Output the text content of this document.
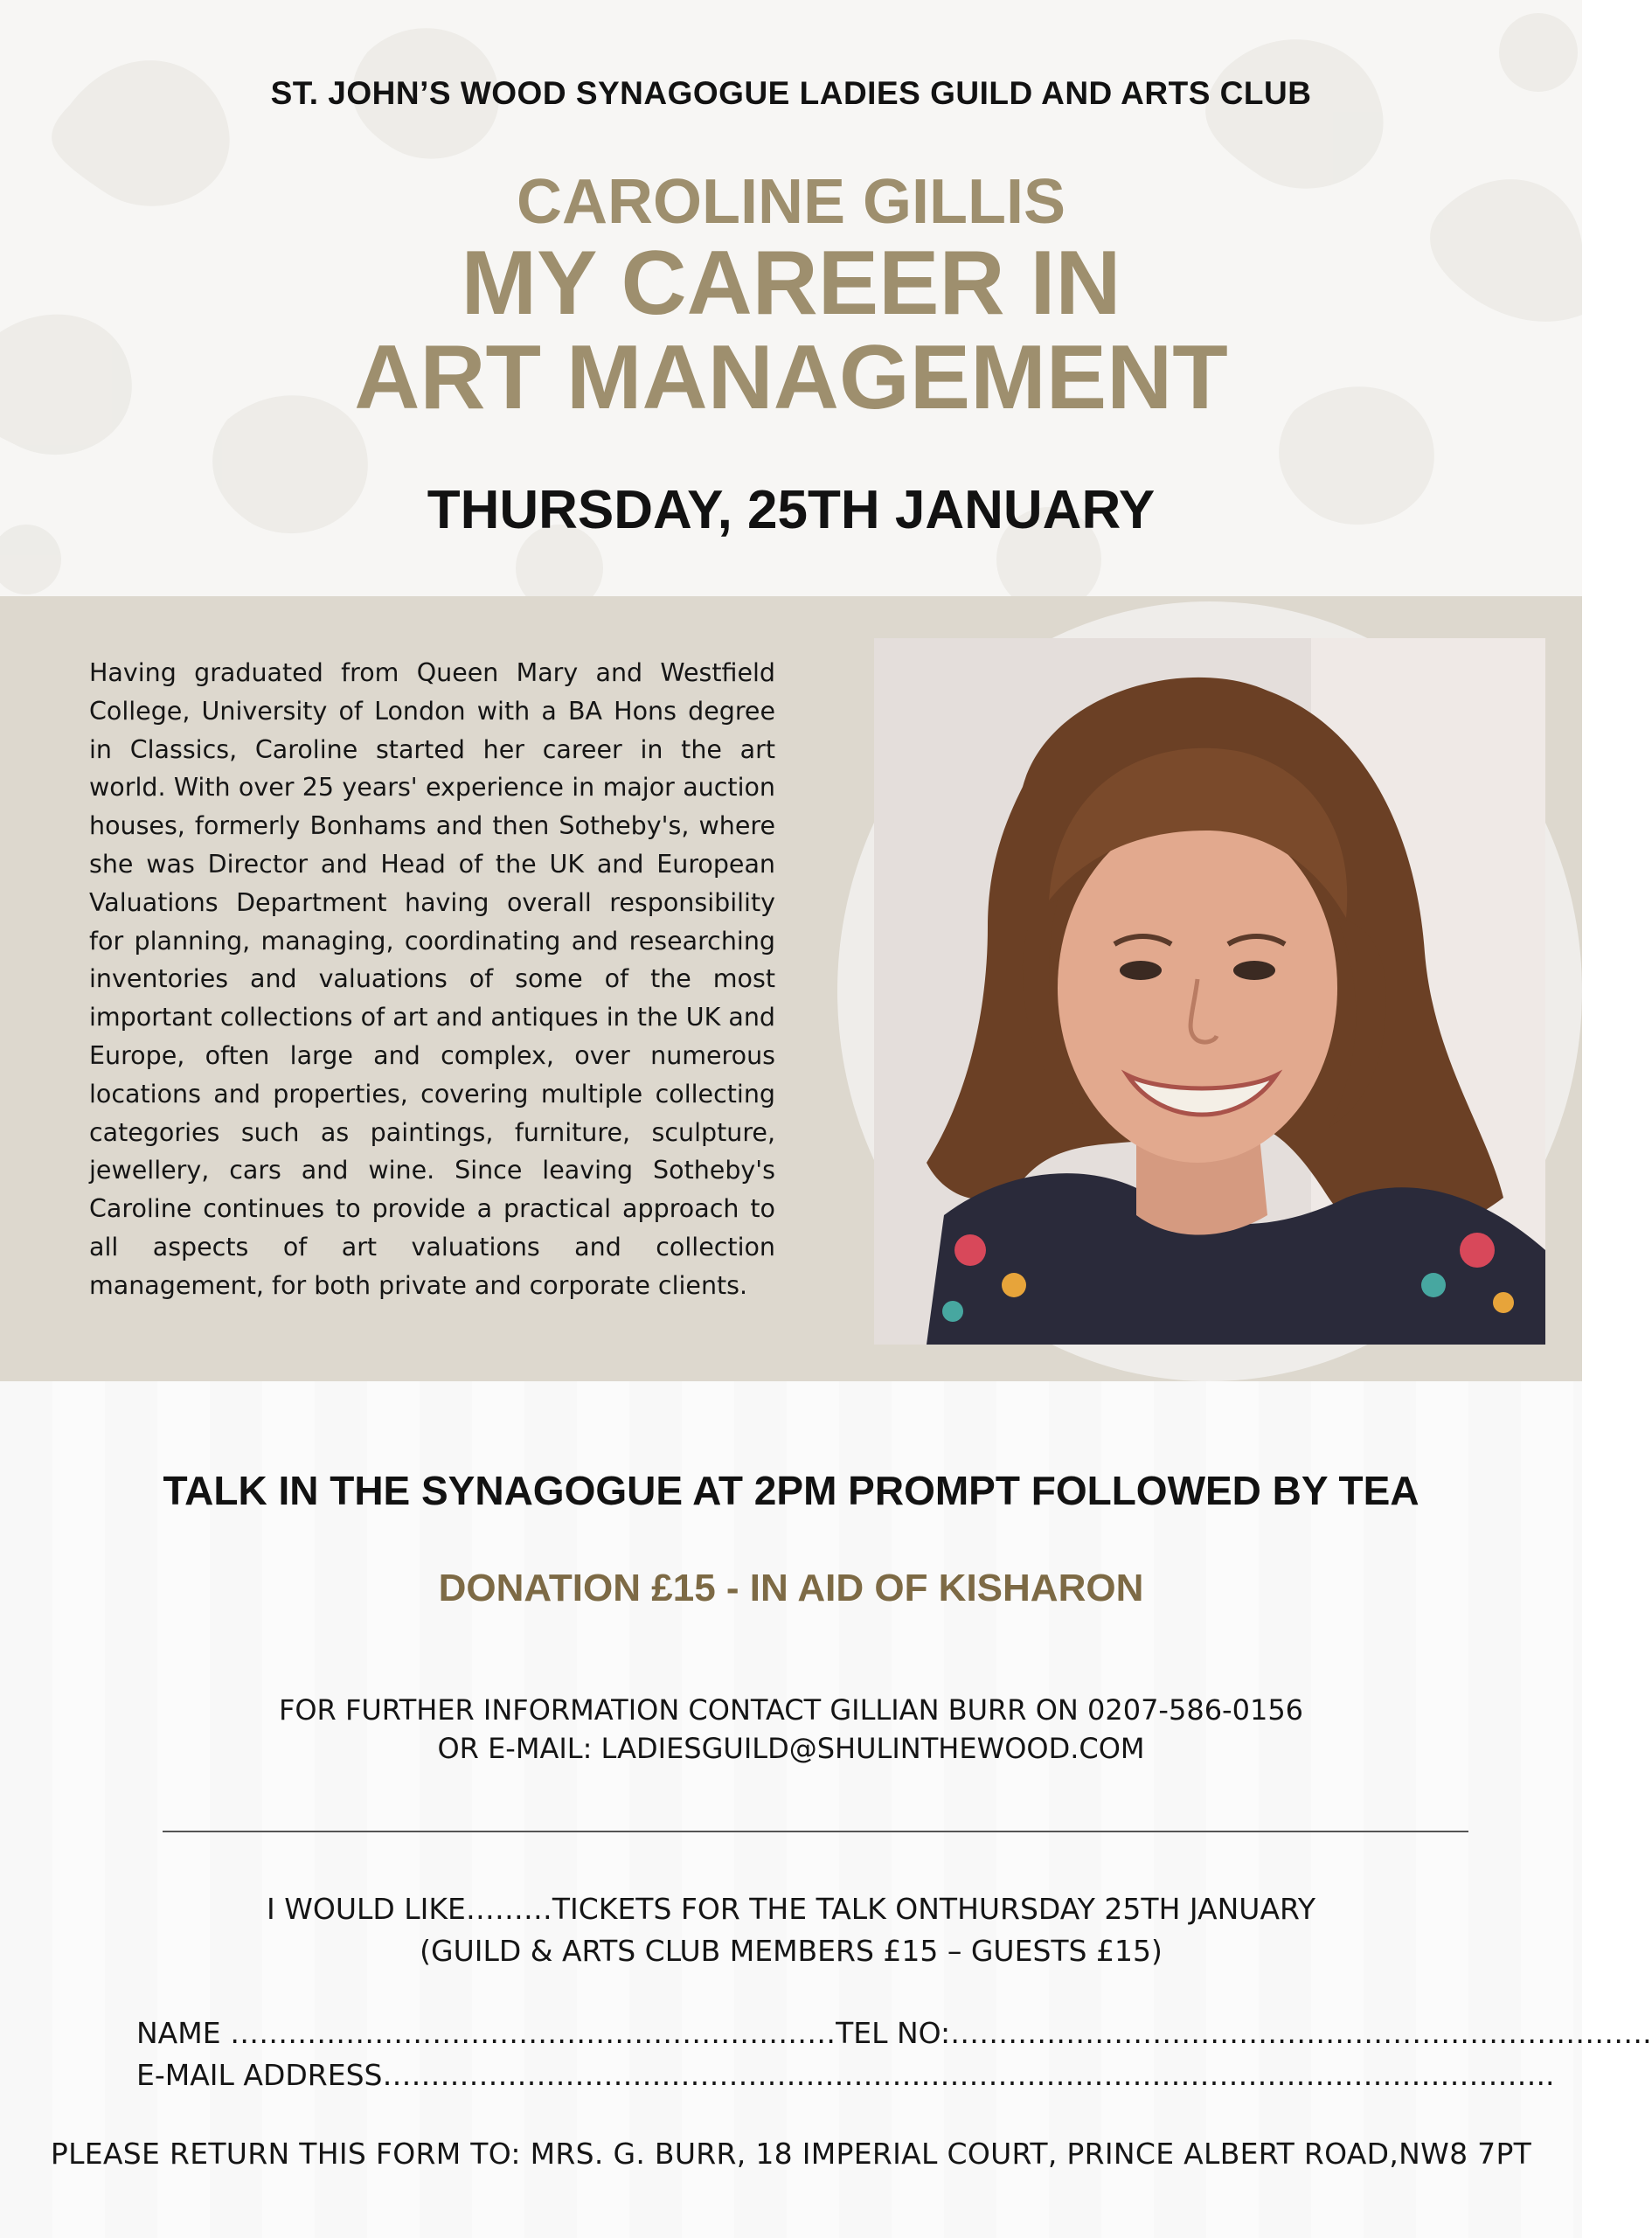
ST. JOHN’S WOOD SYNAGOGUE LADIES GUILD AND ARTS CLUB
CAROLINE GILLIS
MY CAREER IN
ART MANAGEMENT
THURSDAY, 25TH JANUARY
Having graduated from Queen Mary and Westfield College, University of London with a BA Hons degree in Classics, Caroline started her career in the art world. With over 25 years' experience in major auction houses, formerly Bonhams and then Sotheby's, where she was Director and Head of the UK and European Valuations Department having overall responsibility for planning, managing, coordinating and researching inventories and valuations of some of the most important collections of art and antiques in the UK and Europe, often large and complex, over numerous locations and properties, covering multiple collecting categories such as paintings, furniture, sculpture, jewellery, cars and wine. Since leaving Sotheby's Caroline continues to provide a practical approach to all aspects of art valuations and collection management, for both private and corporate clients.
TALK IN THE SYNAGOGUE AT 2PM PROMPT FOLLOWED BY TEA
DONATION £15 - IN AID OF KISHARON
FOR FURTHER INFORMATION CONTACT GILLIAN BURR ON 0207-586-0156
OR E-MAIL: LADIESGUILD@SHULINTHEWOOD.COM
I WOULD LIKE………TICKETS FOR THE TALK ONTHURSDAY 25TH JANUARY
(GUILD & ARTS CLUB MEMBERS £15 – GUESTS £15)
NAME ………………………………………………………TEL NO:……………………………………………………………….
E-MAIL ADDRESS…………………………………………………………………………………………………………..
PLEASE RETURN THIS FORM TO: MRS. G. BURR, 18 IMPERIAL COURT, PRINCE ALBERT ROAD,NW8 7PT
